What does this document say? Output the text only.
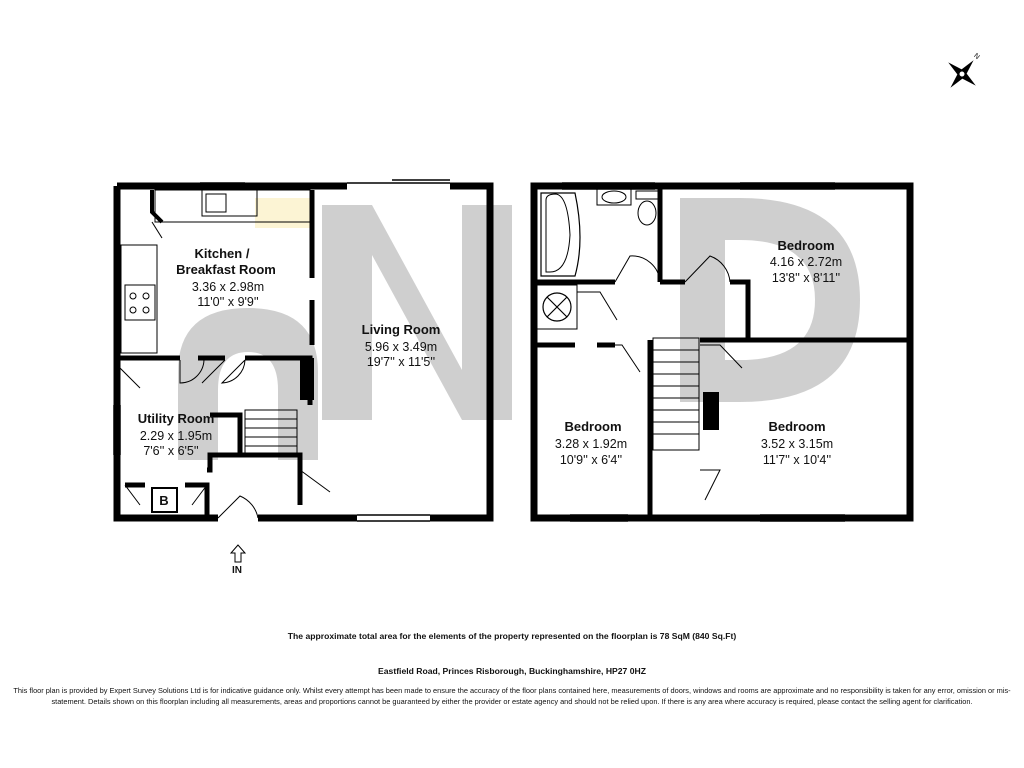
Kitchen /
Breakfast Room
3.36 x 2.98m
11'0'' x 9'9''
Living Room
5.96 x 3.49m
19'7'' x 11'5''
Utility Room
2.29 x 1.95m
7'6'' x 6'5''
Bedroom
4.16 x 2.72m
13'8'' x 8'11''
Bedroom
3.28 x 1.92m
10'9'' x 6'4''
Bedroom
3.52 x 3.15m
11'7'' x 10'4''
B
N
IN
The approximate total area for the elements of the property represented on the floorplan is 78 SqM (840 Sq.Ft)
Eastfield Road, Princes Risborough, Buckinghamshire, HP27 0HZ
This floor plan is provided by Expert Survey Solutions Ltd is for indicative guidance only. Whilst every attempt has been made to ensure the accuracy of the floor plans contained here, measurements of doors, windows and rooms are approximate and no responsibility is taken for any error, omission or mis-statement. Details shown on this floorplan including all measurements, areas and proportions cannot be guaranteed by either the provider or estate agency and should not be relied upon. If there is any area where accuracy is required, please contact the selling agent for clarification.
